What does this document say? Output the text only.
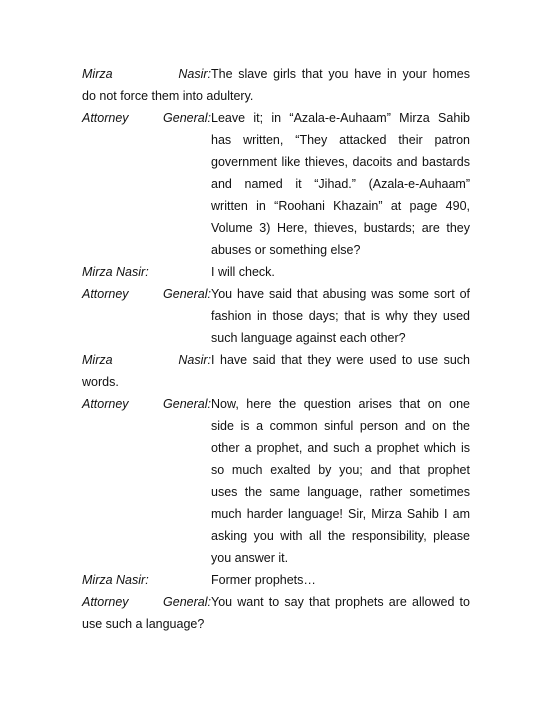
Mirza Nasir:The slave girls that you have in your homes
do not force them into adultery.
Attorney General:Leave it; in “Azala-e-Auhaam” Mirza Sahib
has written, “They attacked their patron
government like thieves, dacoits and bastards
and named it “Jihad.” (Azala-e-Auhaam”
written in “Roohani Khazain” at page 490,
Volume 3) Here, thieves, bustards; are they
abuses or something else?
Mirza Nasir:	I will check.
Attorney General:You have said that abusing was some sort of
fashion in those days; that is why they used
such language against each other?
Mirza Nasir:I have said that they were used to use such
words.
Attorney General:Now, here the question arises that on one
side is a common sinful person and on the
other a prophet, and such a prophet which is
so much exalted by you; and that prophet
uses the same language, rather sometimes
much harder language! Sir, Mirza Sahib I am
asking you with all the responsibility, please
you answer it.
Mirza Nasir:	Former prophets…
Attorney General:You want to say that prophets are allowed to
use such a language?
